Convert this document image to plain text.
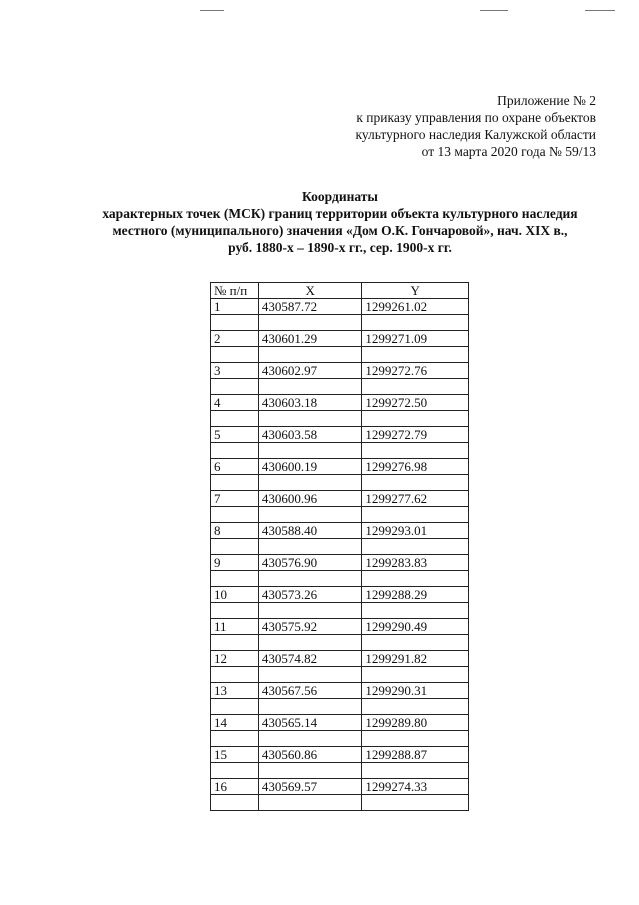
Приложение № 2
к приказу управления по охране объектов
культурного наследия Калужской области
от 13 марта 2020 года № 59/13
Координаты
характерных точек (МСК) границ территории объекта культурного наследия
местного (муниципального) значения «Дом О.К. Гончаровой», нач. XIX в.,
руб. 1880-х – 1890-х гг., сер. 1900-х гг.
№ п/п	X	Y
1	430587.72	1299261.02

2	430601.29	1299271.09

3	430602.97	1299272.76

4	430603.18	1299272.50

5	430603.58	1299272.79

6	430600.19	1299276.98

7	430600.96	1299277.62

8	430588.40	1299293.01

9	430576.90	1299283.83

10	430573.26	1299288.29

11	430575.92	1299290.49

12	430574.82	1299291.82

13	430567.56	1299290.31

14	430565.14	1299289.80

15	430560.86	1299288.87

16	430569.57	1299274.33
